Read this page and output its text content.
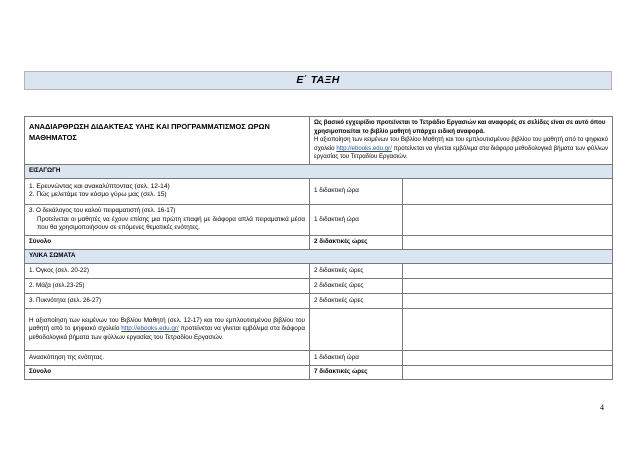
Ε΄ ΤΑΞΗ
ΑΝΑΔΙΑΡΘΡΩΣΗ ΔΙΔΑΚΤΕΑΣ ΥΛΗΣ ΚΑΙ ΠΡΟΓΡΑΜΜΑΤΙΣΜΟΣ ΩΡΩΝ ΜΑΘΗΜΑΤΟΣ	Ως βασικό εγχειρίδιο προτείνεται το Τετράδιο Εργασιών και αναφορές σε σελίδες είναι σε αυτό όπου χρησιμοποιείται το βιβλίο μαθητή υπάρχει ειδική αναφορά.
Η αξιοποίηση των κειμένων του Βιβλίου Μαθητή και του εμπλουτισμένου βιβλίου του μαθητή από το ψηφιακό σχολείο http://ebooks.edu.gr/ προτείνεται να γίνεται εμβόλιμα στα διάφορα μεθοδολογικά βήματα των φύλλων εργασίας του Τετραδίου Εργασιών.	

ΕΙΣΑΓΩΓΗ		

1. Ερευνώντας και ανακαλύπτοντας (σελ. 12-14)
2. Πώς μελετάμε τον κόσμο γύρω μας (σελ. 15)	1 διδακτική ώρα	

3. Ο δεκάλογος του καλού πειραματιστή (σελ. 16-17)
Προτείνεται οι μαθητές να έχουν επίσης μια πρώτη επαφή με διάφορα απλά πειραματικά μέσα που θα χρησιμοποιήσουν σε επόμενες θεματικές ενότητες.	1 διδακτική ώρα	
Σύνολο	2 διδακτικές ώρες	
ΥΛΙΚΑ ΣΩΜΑΤΑ		
1. Όγκος (σελ. 20-22)	2 διδακτικές ώρες	
2. Μάζα (σελ.23-25)	2 διδακτικές ώρες	
3. Πυκνότητα (σελ. 26-27)	2 διδακτικές ώρες	
Η αξιοποίηση των κειμένων του Βιβλίου Μαθητή (σελ. 12-17) και του εμπλουτισμένου βιβλίου του μαθητή από το ψηφιακό σχολείο http://ebooks.edu.gr/ προτείνεται να γίνεται εμβόλιμα στα διάφορα μεθοδολογικά βήματα των φύλλων εργασίας του Τετραδίου Εργασιών.		
Ανασκόπηση της ενότητας.	1 διδακτική ώρα	
Σύνολο	7 διδακτικές ώρες	
4
